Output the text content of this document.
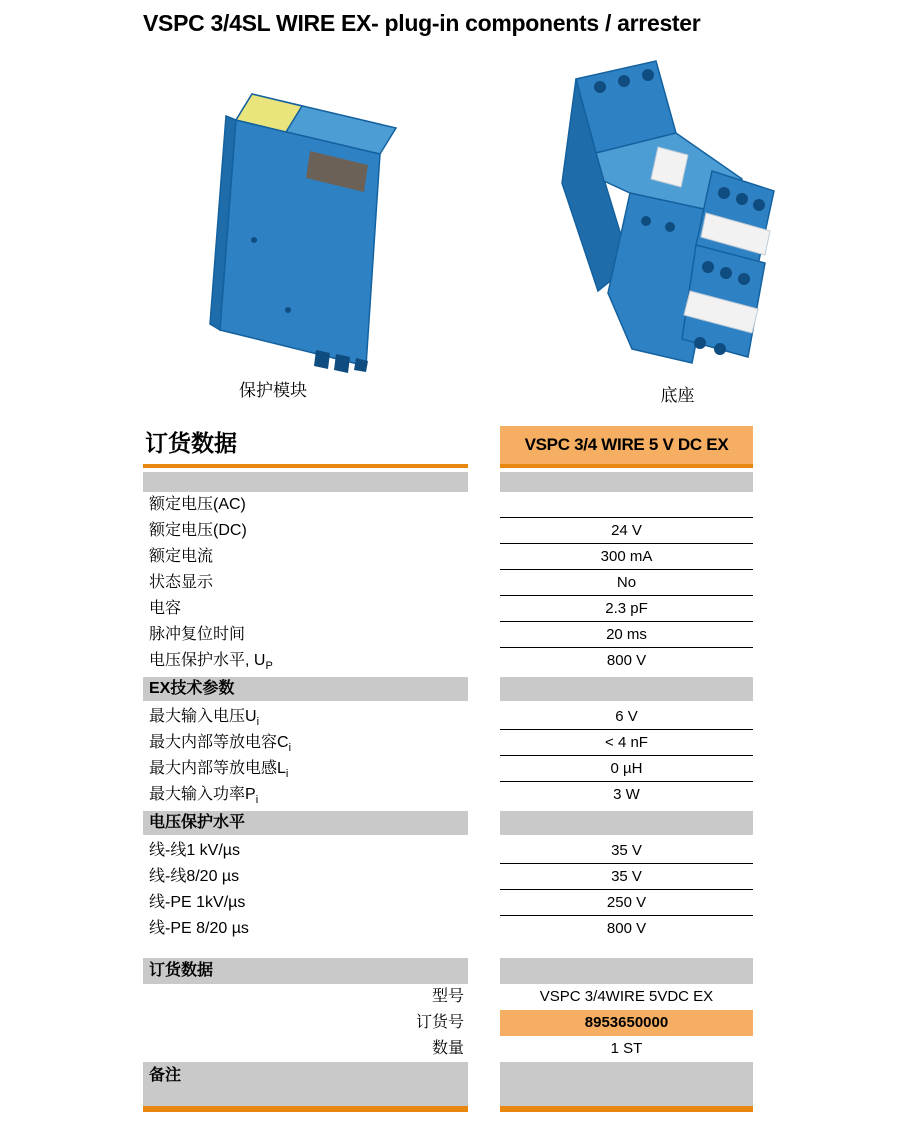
VSPC 3/4SL WIRE EX- plug-in components / arrester
保护模块	底座
订货数据	VSPC 3/4 WIRE 5 V DC EX
额定电压(AC)
额定电压(DC)	24 V
额定电流	300 mA
状态显示	No
电容	2.3 pF
脉冲复位时间	20 ms
电压保护水平, $U_P$	800 V
EX技术参数
最大输入电压$U_i$	6 V
最大内部等放电容$C_i$	< 4 nF
最大内部等放电感$L_i$	0 µH
最大输入功率$P_i$	3 W
电压保护水平
线-线1 kV/µs	35 V
线-线8/20 µs	35 V
线-PE 1kV/µs	250 V
线-PE 8/20 µs	800 V
订货数据
型号	VSPC 3/4WIRE 5VDC EX
订货号	8953650000
数量	1 ST
备注
